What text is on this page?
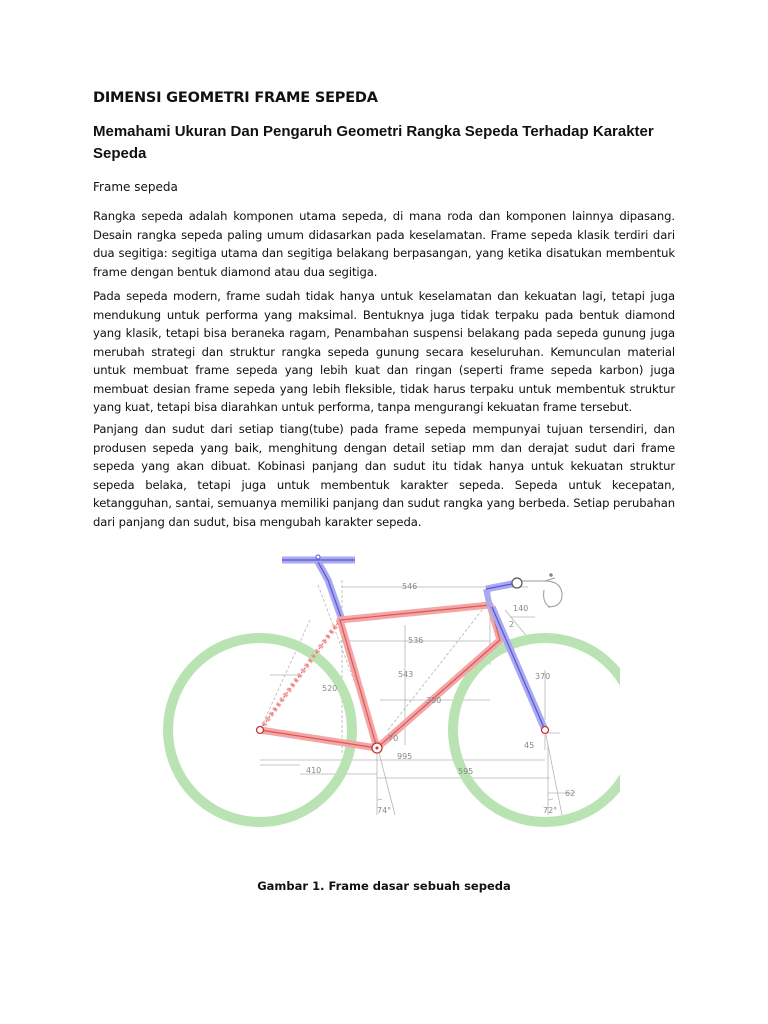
DIMENSI GEOMETRI FRAME SEPEDA
Memahami Ukuran Dan Pengaruh Geometri Rangka Sepeda Terhadap Karakter Sepeda
Frame sepeda
Rangka sepeda adalah komponen utama sepeda, di mana roda dan komponen lainnya dipasang. Desain rangka sepeda paling umum didasarkan pada keselamatan. Frame sepeda klasik terdiri dari dua segitiga: segitiga utama dan segitiga belakang berpasangan, yang ketika disatukan membentuk frame dengan bentuk diamond atau dua segitiga.
Pada sepeda modern, frame sudah tidak hanya untuk keselamatan dan kekuatan lagi, tetapi juga mendukung untuk performa yang maksimal. Bentuknya juga tidak terpaku pada bentuk diamond yang klasik, tetapi bisa beraneka ragam, Penambahan suspensi belakang pada sepeda gunung juga merubah strategi dan struktur rangka sepeda gunung secara keseluruhan. Kemunculan material untuk membuat frame sepeda yang lebih kuat dan ringan (seperti frame sepeda karbon) juga membuat desian frame sepeda yang lebih fleksible, tidak harus terpaku untuk membentuk struktur yang kuat, tetapi bisa diarahkan untuk performa, tanpa mengurangi kekuatan frame tersebut.
Panjang dan sudut dari setiap tiang(tube) pada frame sepeda mempunyai tujuan tersendiri, dan produsen sepeda yang baik, menghitung dengan detail setiap mm dan derajat sudut dari frame sepeda yang akan dibuat. Kobinasi panjang dan sudut itu tidak hanya untuk kekuatan struktur sepeda belaka, tetapi juga untuk membentuk karakter sepeda. Sepeda untuk kecepatan, ketangguhan, santai, semuanya memiliki panjang dan sudut rangka yang berbeda. Setiap perubahan dari panjang dan sudut, bisa mengubah karakter sepeda.
546
140
2
536
543
390
520
370
70
45
995
410	595
62
74°	72°
Gambar 1. Frame dasar sebuah sepeda
